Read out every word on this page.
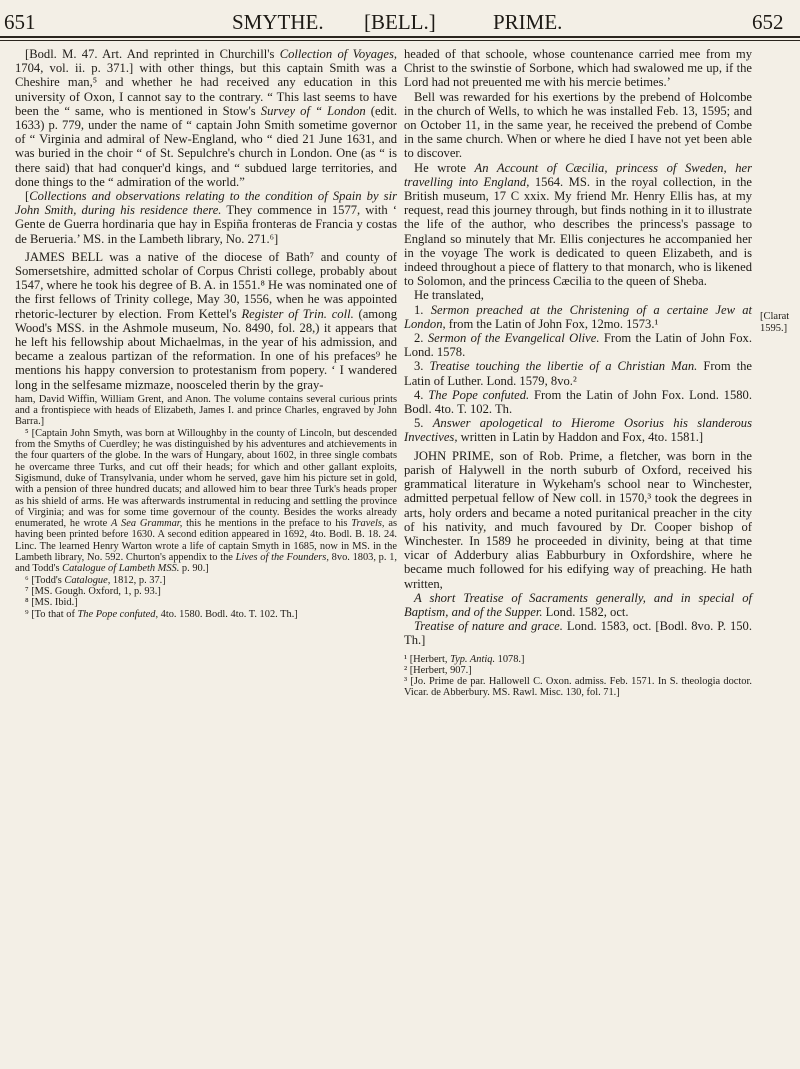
651	SMYTHE. [BELL.]	PRIME.	652

[Bodl. M. 47. Art. And reprinted in Churchill's Collection of Voyages, 1704, vol. ii. p. 371.] with other things, but this captain Smith was a Cheshire man,⁵ and whether he had received any education in this university of Oxon, I cannot say to the contrary. “ This last seems to have been the “ same, who is mentioned in Stow's Survey of “ London (edit. 1633) p. 779, under the name of “ captain John Smith sometime governor of “ Virginia and admiral of New-England, who “ died 21 June 1631, and was buried in the choir “ of St. Sepulchre's church in London. One (as “ is there said) that had conquer'd kings, and “ subdued large territories, and done things to the “ admiration of the world.”

[Collections and observations relating to the condition of Spain by sir John Smith, during his residence there. They commence in 1577, with ‘ Gente de Guerra hordinaria que hay in Espiña fronteras de Francia y costas de Berueria.’ MS. in the Lambeth library, No. 271.⁶]

JAMES BELL was a native of the diocese of Bath⁷ and county of Somersetshire, admitted scholar of Corpus Christi college, probably about 1547, where he took his degree of B. A. in 1551.⁸ He was nominated one of the first fellows of Trinity college, May 30, 1556, when he was appointed rhetoric-lecturer by election. From Kettel's Register of Trin. coll. (among Wood's MSS. in the Ashmole museum, No. 8490, fol. 28,) it appears that he left his fellowship about Michaelmas, in the year of his admission, and became a zealous partizan of the reformation. In one of his prefaces⁹ he mentions his happy conversion to protestanism from popery. ‘ I wandered long in the selfesame mizmaze, noosceled therin by the gray-

ham, David Wiffin, William Grent, and Anon. The volume contains several curious prints and a frontispiece with heads of Elizabeth, James I. and prince Charles, engraved by John Barra.]

⁵ [Captain John Smyth, was born at Willoughby in the county of Lincoln, but descended from the Smyths of Cuerdley; he was distinguished by his adventures and atchievements in the four quarters of the globe. In the wars of Hungary, about 1602, in three single combats he overcame three Turks, and cut off their heads; for which and other gallant exploits, Sigismund, duke of Transylvania, under whom he served, gave him his picture set in gold, with a pension of three hundred ducats; and allowed him to bear three Turk's heads proper as his shield of arms. He was afterwards instrumental in reducing and settling the province of Virginia; and was for some time governour of the county. Besides the works already enumerated, he wrote A Sea Grammar, this he mentions in the preface to his Travels, as having been printed before 1630. A second edition appeared in 1692, 4to. Bodl. B. 18. 24. Linc. The learned Henry Warton wrote a life of captain Smyth in 1685, now in MS. in the Lambeth library, No. 592. Churton's appendix to the Lives of the Founders, 8vo. 1803, p. 1, and Todd's Catalogue of Lambeth MSS. p. 90.]

⁶ [Todd's Catalogue, 1812, p. 37.]

⁷ [MS. Gough. Oxford, 1, p. 93.]

⁸ [MS. Ibid.]

⁹ [To that of The Pope confuted, 4to. 1580. Bodl. 4to. T. 102. Th.]

headed of that schoole, whose countenance carried mee from my Christ to the swinstie of Sorbone, which had swalowed me up, if the Lord had not preuented me with his mercie betimes.’

Bell was rewarded for his exertions by the prebend of Holcombe in the church of Wells, to which he was installed Feb. 13, 1595; and on October 11, in the same year, he received the prebend of Combe in the same church. When or where he died I have not yet been able to discover.

He wrote An Account of Cæcilia, princess of Sweden, her travelling into England, 1564. MS. in the royal collection, in the British museum, 17 C xxix. My friend Mr. Henry Ellis has, at my request, read this journey through, but finds nothing in it to illustrate the life of the author, who describes the princess's passage to England so minutely that Mr. Ellis conjectures he accompanied her in the voyage The work is dedicated to queen Elizabeth, and is indeed throughout a piece of flattery to that monarch, who is likened to Solomon, and the princess Cæcilia to the queen of Sheba.

He translated,

1. Sermon preached at the Christening of a certaine Jew at London, from the Latin of John Fox, 12mo. 1573.¹

2. Sermon of the Evangelical Olive. From the Latin of John Fox. Lond. 1578.

3. Treatise touching the libertie of a Christian Man. From the Latin of Luther. Lond. 1579, 8vo.²

4. The Pope confuted. From the Latin of John Fox. Lond. 1580. Bodl. 4to. T. 102. Th.

5. Answer apologetical to Hierome Osorius his slanderous Invectives, written in Latin by Haddon and Fox, 4to. 1581.]

JOHN PRIME, son of Rob. Prime, a fletcher, was born in the parish of Halywell in the north suburb of Oxford, received his grammatical literature in Wykeham's school near to Winchester, admitted perpetual fellow of New coll. in 1570,³ took the degrees in arts, holy orders and became a noted puritanical preacher in the city of his nativity, and much favoured by Dr. Cooper bishop of Winchester. In 1589 he proceeded in divinity, being at that time vicar of Adderbury alias Eabburbury in Oxfordshire, where he became much followed for his edifying way of preaching. He hath written,

A short Treatise of Sacraments generally, and in special of Baptism, and of the Supper. Lond. 1582, oct.

Treatise of nature and grace. Lond. 1583, oct. [Bodl. 8vo. P. 150. Th.]

¹ [Herbert, Typ. Antiq. 1078.]

² [Herbert, 907.]

³ [Jo. Prime de par. Hallowell C. Oxon. admiss. Feb. 1571. In S. theologia doctor. Vicar. de Abberbury. MS. Rawl. Misc. 130, fol. 71.]

[Clarat 1595.]
